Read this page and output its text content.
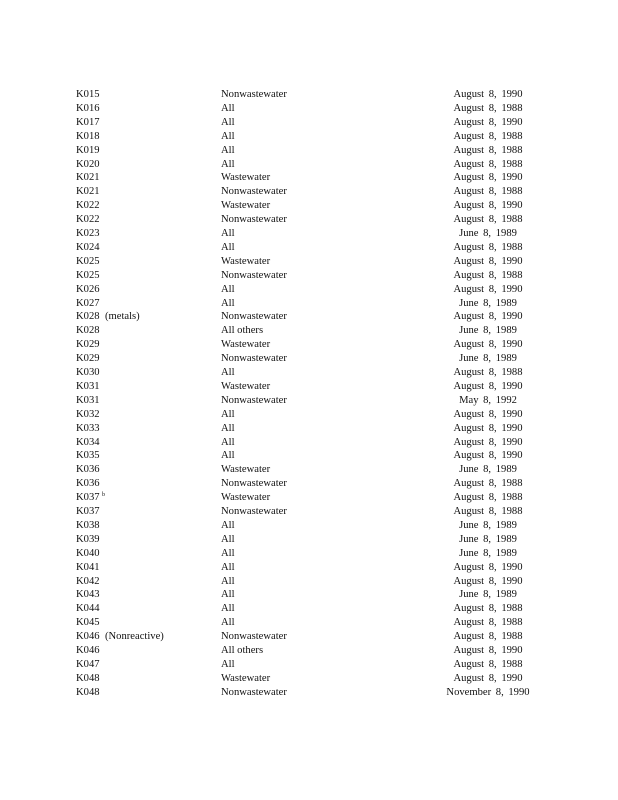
K015	Nonwastewater	August 8, 1990
K016	All	August 8, 1988
K017	All	August 8, 1990
K018	All	August 8, 1988
K019	All	August 8, 1988
K020	All	August 8, 1988
K021	Wastewater	August 8, 1990
K021	Nonwastewater	August 8, 1988
K022	Wastewater	August 8, 1990
K022	Nonwastewater	August 8, 1988
K023	All	June 8, 1989
K024	All	August 8, 1988
K025	Wastewater	August 8, 1990
K025	Nonwastewater	August 8, 1988
K026	All	August 8, 1990
K027	All	June 8, 1989
K028 (metals)	Nonwastewater	August 8, 1990
K028	All others	June 8, 1989
K029	Wastewater	August 8, 1990
K029	Nonwastewater	June 8, 1989
K030	All	August 8, 1988
K031	Wastewater	August 8, 1990
K031	Nonwastewater	May 8, 1992
K032	All	August 8, 1990
K033	All	August 8, 1990
K034	All	August 8, 1990
K035	All	August 8, 1990
K036	Wastewater	June 8, 1989
K036	Nonwastewater	August 8, 1988
K037 b	Wastewater	August 8, 1988
K037	Nonwastewater	August 8, 1988
K038	All	June 8, 1989
K039	All	June 8, 1989
K040	All	June 8, 1989
K041	All	August 8, 1990
K042	All	August 8, 1990
K043	All	June 8, 1989
K044	All	August 8, 1988
K045	All	August 8, 1988
K046 (Nonreactive)	Nonwastewater	August 8, 1988
K046	All others	August 8, 1990
K047	All	August 8, 1988
K048	Wastewater	August 8, 1990
K048	Nonwastewater	November 8, 1990
